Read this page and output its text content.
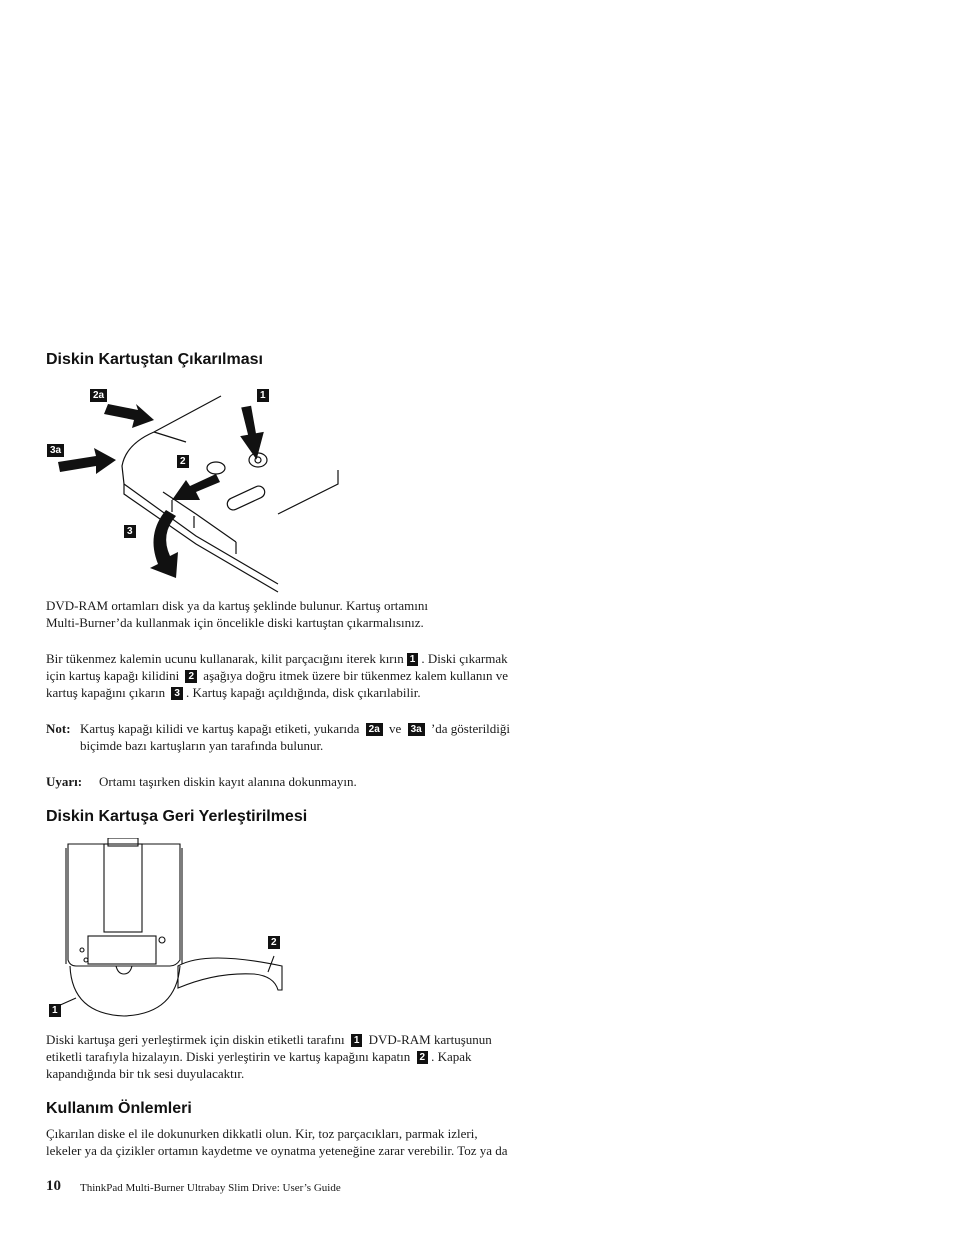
Diskin Kartuştan Çıkarılması
2a	1
3a
2
3

DVD-RAM ortamları disk ya da kartuş şeklinde bulunur. Kartuş ortamını
Multi-Burner’da kullanmak için öncelikle diski kartuştan çıkarmalısınız.

Bir tükenmez kalemin ucunu kullanarak, kilit parçacığını iterek kırın 1 . Diski çıkarmak
için kartuş kapağı kilidini 2 aşağıya doğru itmek üzere bir tükenmez kalem kullanın ve
kartuş kapağını çıkarın 3 . Kartuş kapağı açıldığında, disk çıkarılabilir.

Not: Kartuş kapağı kilidi ve kartuş kapağı etiketi, yukarıda 2a ve 3a ’da gösterildiği
biçimde bazı kartuşların yan tarafında bulunur.

Uyarı: Ortamı taşırken diskin kayıt alanına dokunmayın.

Diskin Kartuşa Geri Yerleştirilmesi
2
1

Diski kartuşa geri yerleştirmek için diskin etiketli tarafını 1 DVD-RAM kartuşunun
etiketli tarafıyla hizalayın. Diski yerleştirin ve kartuş kapağını kapatın 2 . Kapak
kapandığında bir tık sesi duyulacaktır.

Kullanım Önlemleri

Çıkarılan diske el ile dokunurken dikkatli olun. Kir, toz parçacıkları, parmak izleri,
lekeler ya da çizikler ortamın kaydetme ve oynatma yeteneğine zarar verebilir. Toz ya da

10 ThinkPad Multi-Burner Ultrabay Slim Drive: User’s Guide
